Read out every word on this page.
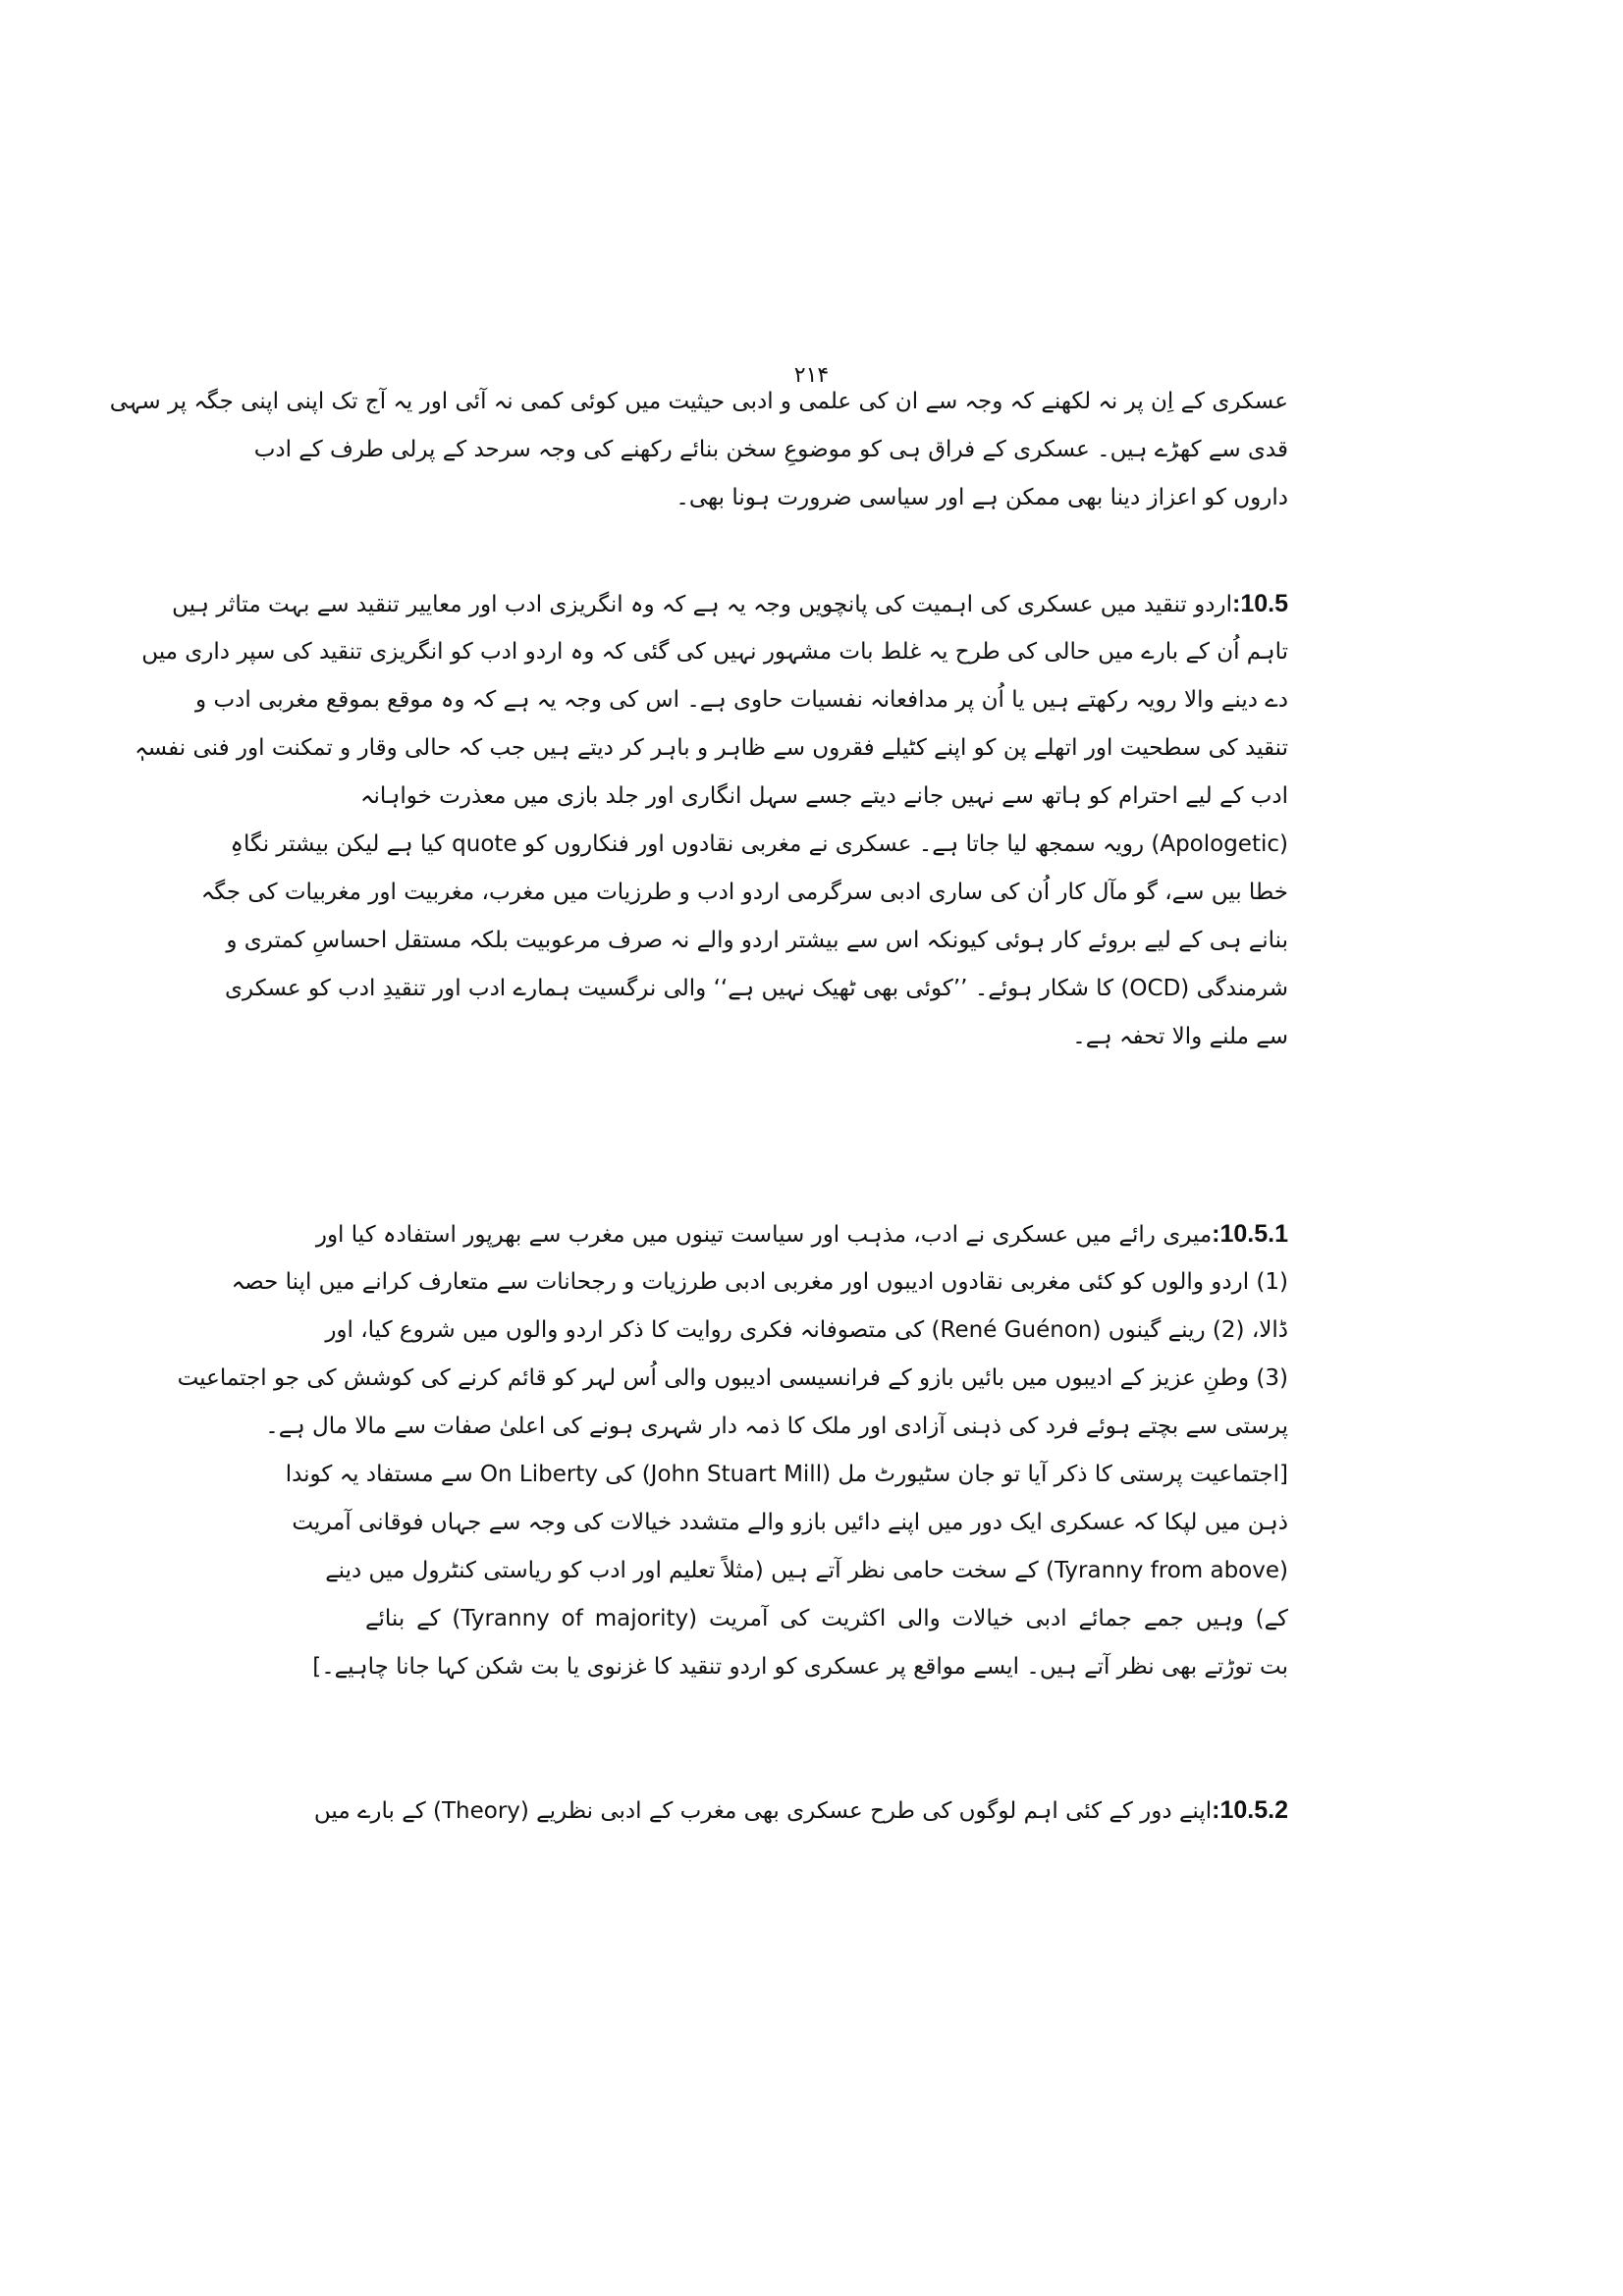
۲۱۴
عسکری کے اِن پر نہ لکھنے کہ وجہ سے ان کی علمی و ادبی حیثیت میں کوئی کمی نہ آئی اور یہ آج تک اپنی اپنی جگہ پر سہی
قدی سے کھڑے ہیں۔ عسکری کے فراق ہی کو موضوعِ سخن بنائے رکھنے کی وجہ سرحد کے پرلی طرف کے ادب
داروں کو اعزاز دینا بھی ممکن ہے اور سیاسی ضرورت ہونا بھی۔
10.5:اردو تنقید میں عسکری کی اہمیت کی پانچویں وجہ یہ ہے کہ وہ انگریزی ادب اور معاییر تنقید سے بہت متاثر ہیں
تاہم اُن کے بارے میں حالی کی طرح یہ غلط بات مشہور نہیں کی گئی کہ وہ اردو ادب کو انگریزی تنقید کی سپر داری میں
دے دینے والا رویہ رکھتے ہیں یا اُن پر مدافعانہ نفسیات حاوی ہے۔ اس کی وجہ یہ ہے کہ وہ موقع بموقع مغربی ادب و
تنقید کی سطحیت اور اتھلے پن کو اپنے کٹیلے فقروں سے ظاہر و باہر کر دیتے ہیں جب کہ حالی وقار و تمکنت اور فنی نفسہٖ
ادب کے لیے احترام کو ہاتھ سے نہیں جانے دیتے جسے سہل انگاری اور جلد بازی میں معذرت خواہانہ
(Apologetic) رویہ سمجھ لیا جاتا ہے۔ عسکری نے مغربی نقادوں اور فنکاروں کو quote کیا ہے لیکن بیشتر نگاہِ
خطا بیں سے، گو مآل کار اُن کی ساری ادبی سرگرمی اردو ادب و طرزیات میں مغرب، مغربیت اور مغربیات کی جگہ
بنانے ہی کے لیے بروئے کار ہوئی کیونکہ اس سے بیشتر اردو والے نہ صرف مرعوبیت بلکہ مستقل احساسِ کمتری و
شرمندگی (OCD) کا شکار ہوئے۔ ’’کوئی بھی ٹھیک نہیں ہے‘‘ والی نرگسیت ہمارے ادب اور تنقیدِ ادب کو عسکری
سے ملنے والا تحفہ ہے۔
10.5.1:میری رائے میں عسکری نے ادب، مذہب اور سیاست تینوں میں مغرب سے بھرپور استفادہ کیا اور
(1) اردو والوں کو کئی مغربی نقادوں ادیبوں اور مغربی ادبی طرزیات و رجحانات سے متعارف کرانے میں اپنا حصہ
ڈالا، (2) رینے گینوں (René Guénon) کی متصوفانہ فکری روایت کا ذکر اردو والوں میں شروع کیا، اور
(3) وطنِ عزیز کے ادیبوں میں بائیں بازو کے فرانسیسی ادیبوں والی اُس لہر کو قائم کرنے کی کوشش کی جو اجتماعیت
پرستی سے بچتے ہوئے فرد کی ذہنی آزادی اور ملک کا ذمہ دار شہری ہونے کی اعلیٰ صفات سے مالا مال ہے۔
[اجتماعیت پرستی کا ذکر آیا تو جان سٹیورٹ مل (John Stuart Mill) کی On Liberty سے مستفاد یہ کوندا
ذہن میں لپکا کہ عسکری ایک دور میں اپنے دائیں بازو والے متشدد خیالات کی وجہ سے جہاں فوقانی آمریت
(Tyranny from above) کے سخت حامی نظر آتے ہیں (مثلاً تعلیم اور ادب کو ریاستی کنٹرول میں دینے
کے) وہیں جمے جمائے ادبی خیالات والی اکثریت کی آمریت (Tyranny of majority) کے بنائے
بت توڑتے بھی نظر آتے ہیں۔ ایسے مواقع پر عسکری کو اردو تنقید کا غزنوی یا بت شکن کہا جانا چاہیے۔]
10.5.2:اپنے دور کے کئی اہم لوگوں کی طرح عسکری بھی مغرب کے ادبی نظریے (Theory) کے بارے میں
